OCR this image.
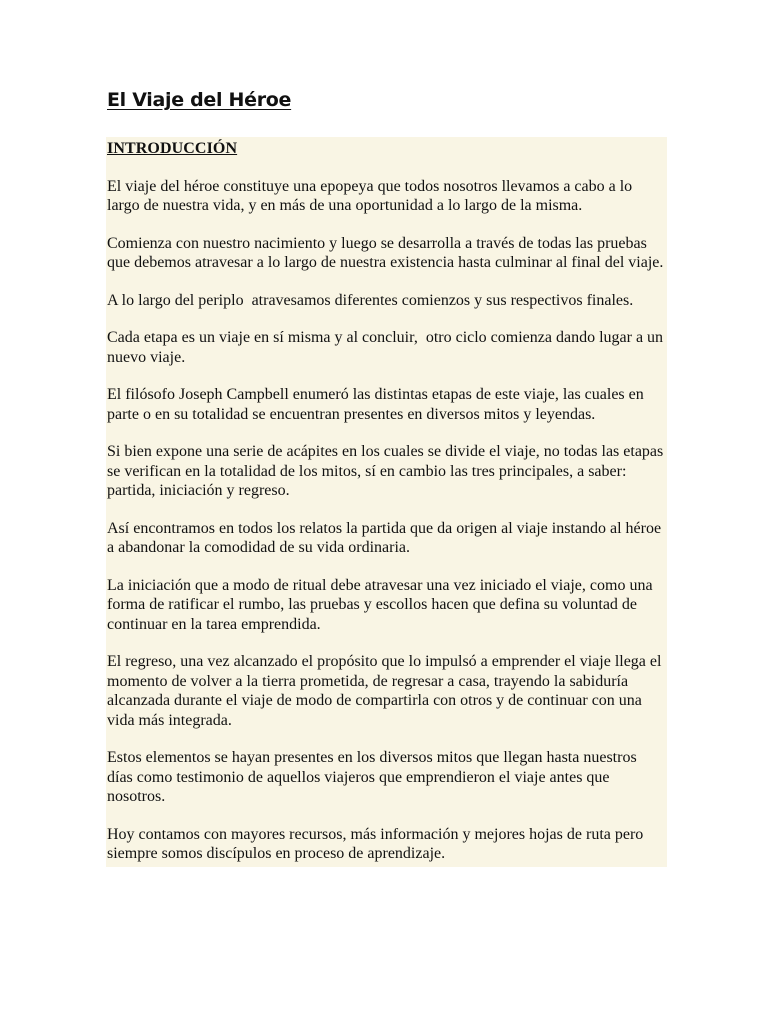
El Viaje del Héroe

INTRODUCCIÓN

El viaje del héroe constituye una epopeya que todos nosotros llevamos a cabo a lo largo de nuestra vida, y en más de una oportunidad a lo largo de la misma.

Comienza con nuestro nacimiento y luego se desarrolla a través de todas las pruebas que debemos atravesar a lo largo de nuestra existencia hasta culminar al final del viaje.

A lo largo del periplo  atravesamos diferentes comienzos y sus respectivos finales.

Cada etapa es un viaje en sí misma y al concluir,  otro ciclo comienza dando lugar a un nuevo viaje.

El filósofo Joseph Campbell enumeró las distintas etapas de este viaje, las cuales en parte o en su totalidad se encuentran presentes en diversos mitos y leyendas.

Si bien expone una serie de acápites en los cuales se divide el viaje, no todas las etapas se verifican en la totalidad de los mitos, sí en cambio las tres principales, a saber: partida, iniciación y regreso.

Así encontramos en todos los relatos la partida que da origen al viaje instando al héroe a abandonar la comodidad de su vida ordinaria.

La iniciación que a modo de ritual debe atravesar una vez iniciado el viaje, como una forma de ratificar el rumbo, las pruebas y escollos hacen que defina su voluntad de continuar en la tarea emprendida.

El regreso, una vez alcanzado el propósito que lo impulsó a emprender el viaje llega el momento de volver a la tierra prometida, de regresar a casa, trayendo la sabiduría alcanzada durante el viaje de modo de compartirla con otros y de continuar con una vida más integrada.

Estos elementos se hayan presentes en los diversos mitos que llegan hasta nuestros días como testimonio de aquellos viajeros que emprendieron el viaje antes que nosotros.

Hoy contamos con mayores recursos, más información y mejores hojas de ruta pero siempre somos discípulos en proceso de aprendizaje.
